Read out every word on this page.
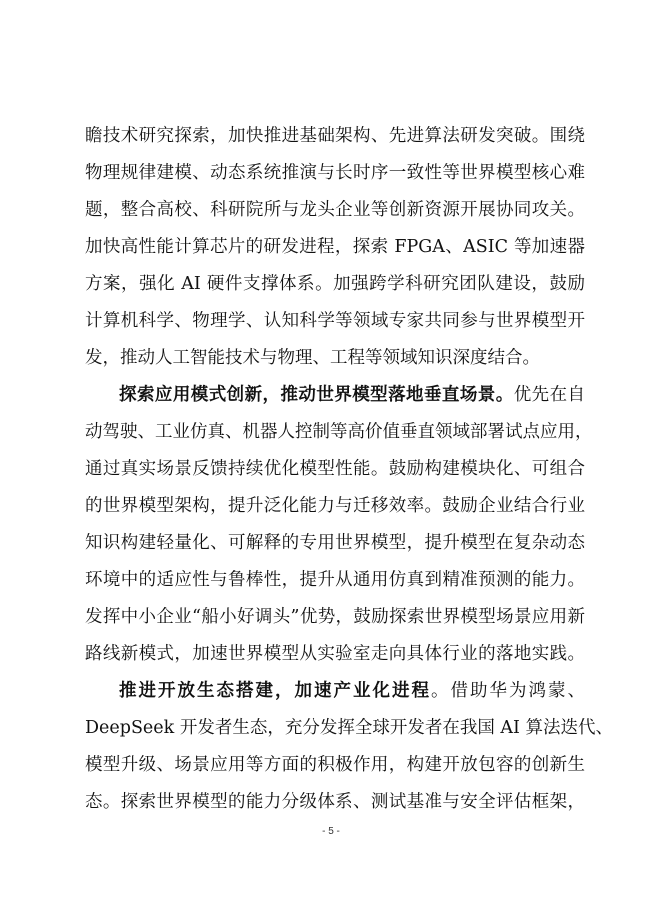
瞻技术研究探索，加快推进基础架构、先进算法研发突破。围绕
物理规律建模、动态系统推演与长时序一致性等世界模型核心难
题，整合高校、科研院所与龙头企业等创新资源开展协同攻关。
加快高性能计算芯片的研发进程，探索 FPGA、ASIC 等加速器
方案，强化 AI 硬件支撑体系。加强跨学科研究团队建设，鼓励
计算机科学、物理学、认知科学等领域专家共同参与世界模型开
发，推动人工智能技术与物理、工程等领域知识深度结合。
探索应用模式创新，推动世界模型落地垂直场景。优先在自
动驾驶、工业仿真、机器人控制等高价值垂直领域部署试点应用，
通过真实场景反馈持续优化模型性能。鼓励构建模块化、可组合
的世界模型架构，提升泛化能力与迁移效率。鼓励企业结合行业
知识构建轻量化、可解释的专用世界模型，提升模型在复杂动态
环境中的适应性与鲁棒性，提升从通用仿真到精准预测的能力。
发挥中小企业“船小好调头”优势，鼓励探索世界模型场景应用新
路线新模式，加速世界模型从实验室走向具体行业的落地实践。
推进开放生态搭建，加速产业化进程。借助华为鸿蒙、
DeepSeek 开发者生态，充分发挥全球开发者在我国 AI 算法迭代、
模型升级、场景应用等方面的积极作用，构建开放包容的创新生
态。探索世界模型的能力分级体系、测试基准与安全评估框架，
- 5 -
